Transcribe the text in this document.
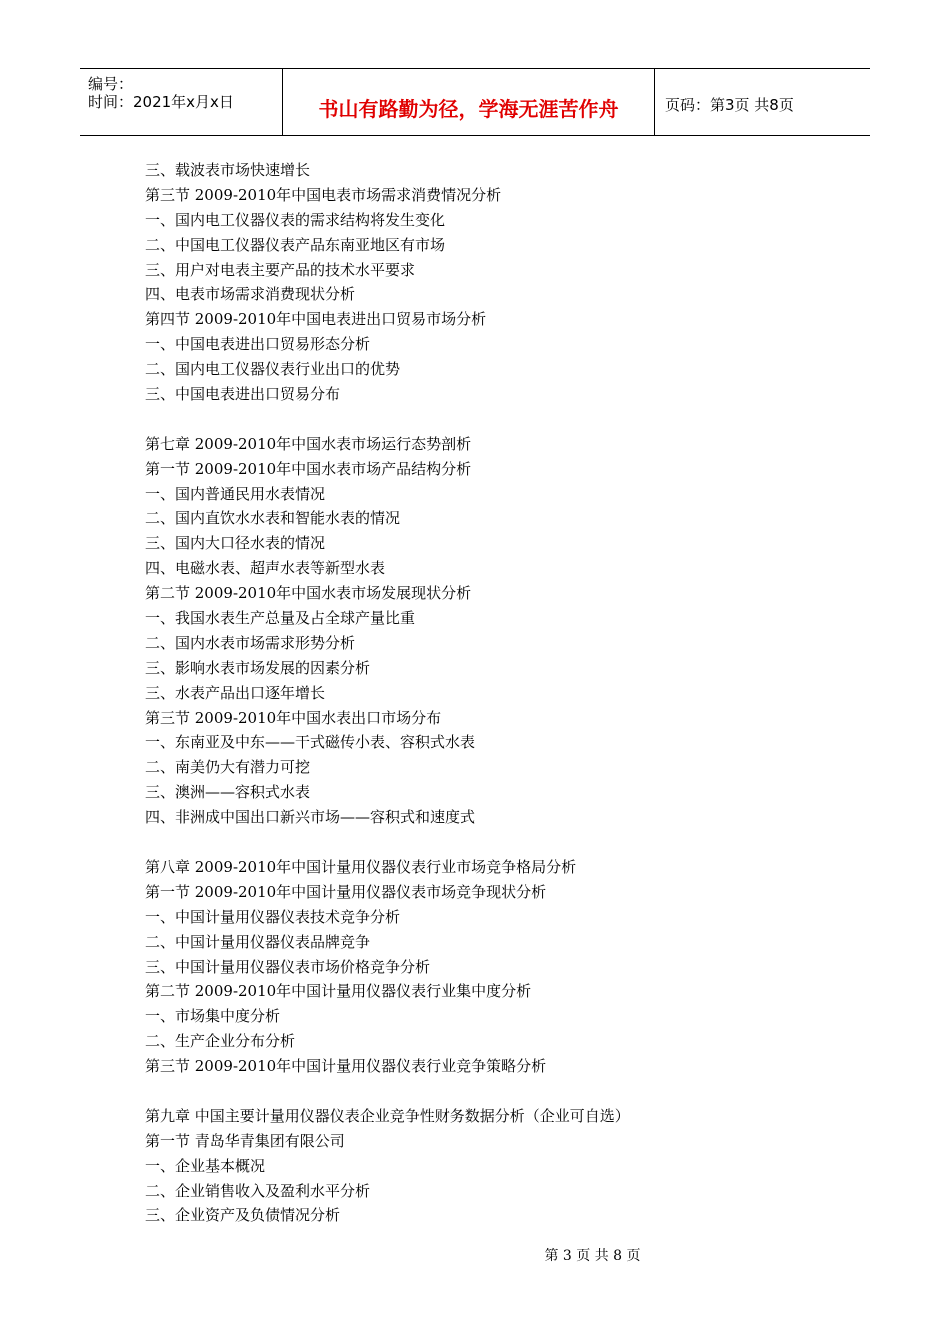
编号：
时间：2021年x月x日	书山有路勤为径，学海无涯苦作舟	页码：第3页 共8页
三、载波表市场快速增长
第三节 2009-2010年中国电表市场需求消费情况分析
一、国内电工仪器仪表的需求结构将发生变化
二、中国电工仪器仪表产品东南亚地区有市场
三、用户对电表主要产品的技术水平要求
四、电表市场需求消费现状分析
第四节 2009-2010年中国电表进出口贸易市场分析
一、中国电表进出口贸易形态分析
二、国内电工仪器仪表行业出口的优势
三、中国电表进出口贸易分布
第七章 2009-2010年中国水表市场运行态势剖析
第一节 2009-2010年中国水表市场产品结构分析
一、国内普通民用水表情况
二、国内直饮水水表和智能水表的情况
三、国内大口径水表的情况
四、电磁水表、超声水表等新型水表
第二节 2009-2010年中国水表市场发展现状分析
一、我国水表生产总量及占全球产量比重
二、国内水表市场需求形势分析
三、影响水表市场发展的因素分析
三、水表产品出口逐年增长
第三节 2009-2010年中国水表出口市场分布
一、东南亚及中东——干式磁传小表、容积式水表
二、南美仍大有潜力可挖
三、澳洲——容积式水表
四、非洲成中国出口新兴市场——容积式和速度式
第八章 2009-2010年中国计量用仪器仪表行业市场竞争格局分析
第一节 2009-2010年中国计量用仪器仪表市场竞争现状分析
一、中国计量用仪器仪表技术竞争分析
二、中国计量用仪器仪表品牌竞争
三、中国计量用仪器仪表市场价格竞争分析
第二节 2009-2010年中国计量用仪器仪表行业集中度分析
一、市场集中度分析
二、生产企业分布分析
第三节 2009-2010年中国计量用仪器仪表行业竞争策略分析
第九章 中国主要计量用仪器仪表企业竞争性财务数据分析（企业可自选）
第一节 青岛华青集团有限公司
一、企业基本概况
二、企业销售收入及盈利水平分析
三、企业资产及负债情况分析
第 3 页 共 8 页
